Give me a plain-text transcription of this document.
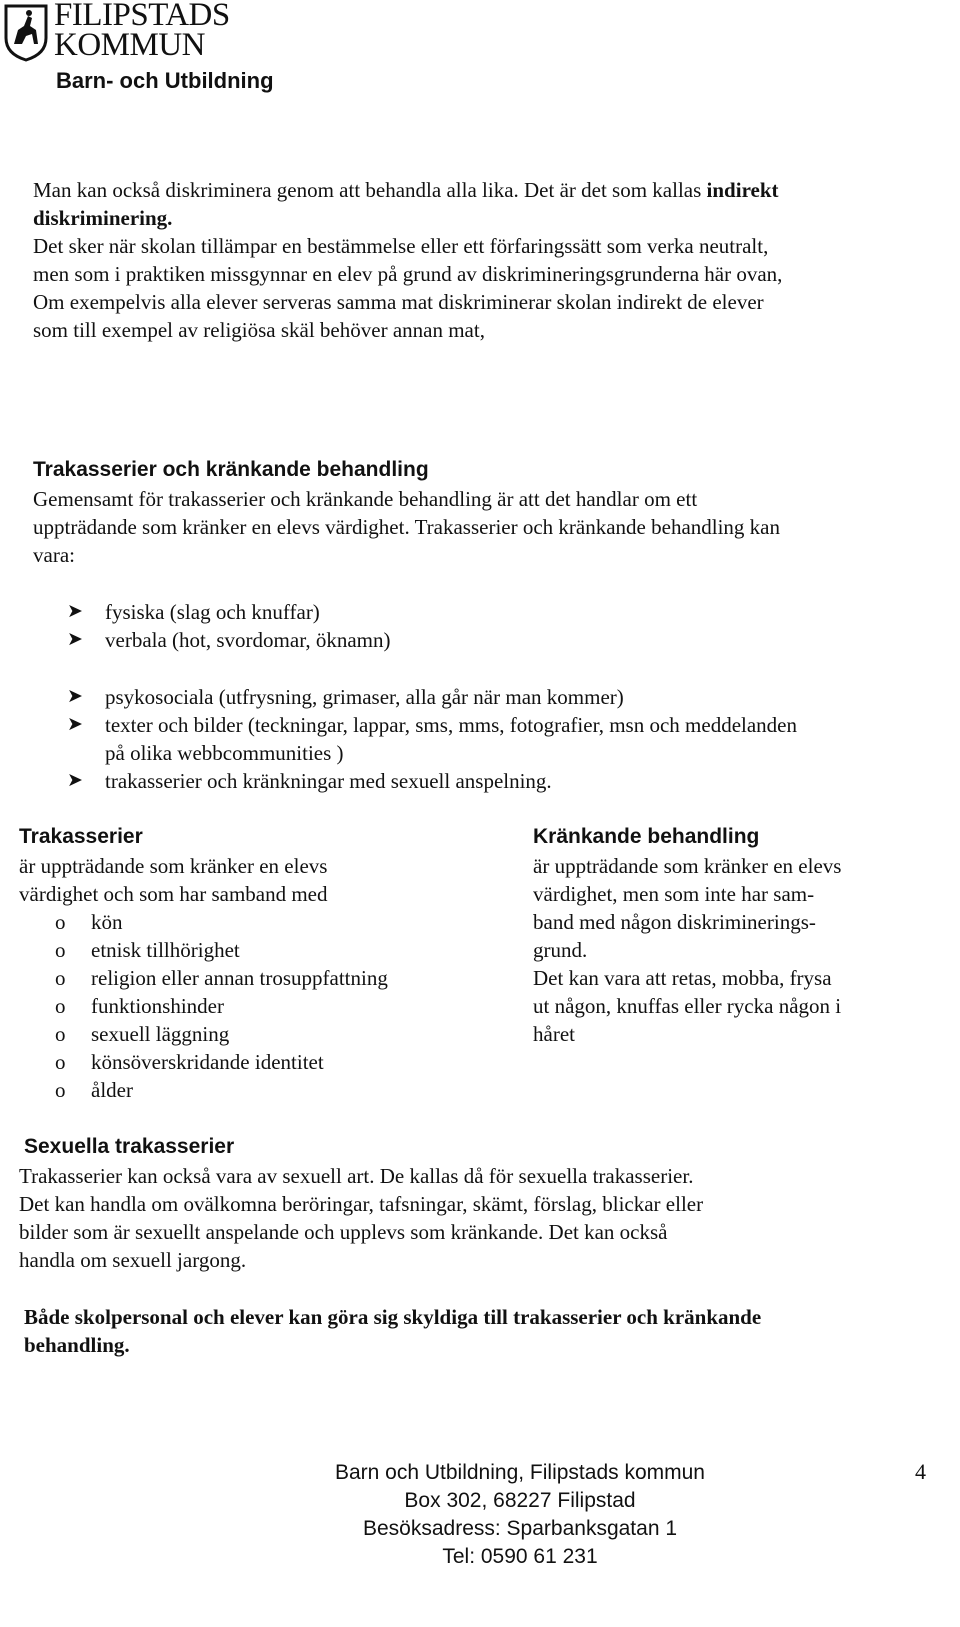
FILIPSTADS
KOMMUN
Barn- och Utbildning
Man kan också diskriminera genom att behandla alla lika. Det är det som kallas indirekt
diskriminering.
Det sker när skolan tillämpar en bestämmelse eller ett förfaringssätt som verka neutralt,
men som i praktiken missgynnar en elev på grund av diskrimineringsgrunderna här ovan,
Om exempelvis alla elever serveras samma mat diskriminerar skolan indirekt de elever
som till exempel av religiösa skäl behöver annan mat,
Trakasserier och kränkande behandling
Gemensamt för trakasserier och kränkande behandling är att det handlar om ett
uppträdande som kränker en elevs värdighet. Trakasserier och kränkande behandling kan
vara:
➤ fysiska (slag och knuffar)
➤ verbala (hot, svordomar, öknamn)
➤ psykosociala (utfrysning, grimaser, alla går när man kommer)
➤ texter och bilder (teckningar, lappar, sms, mms, fotografier, msn och meddelanden
på olika webbcommunities )
➤ trakasserier och kränkningar med sexuell anspelning.
Trakasserier
är uppträdande som kränker en elevs
värdighet och som har samband med
o kön
o etnisk tillhörighet
o religion eller annan trosuppfattning
o funktionshinder
o sexuell läggning
o könsöverskridande identitet
o ålder
Kränkande behandling
är uppträdande som kränker en elevs
värdighet, men som inte har sam-
band med någon diskriminerings-
grund.
Det kan vara att retas, mobba, frysa
ut någon, knuffas eller rycka någon i
håret
Sexuella trakasserier
Trakasserier kan också vara av sexuell art. De kallas då för sexuella trakasserier.
Det kan handla om ovälkomna beröringar, tafsningar, skämt, förslag, blickar eller
bilder som är sexuellt anspelande och upplevs som kränkande. Det kan också
handla om sexuell jargong.
Både skolpersonal och elever kan göra sig skyldiga till trakasserier och kränkande
behandling.
Barn och Utbildning, Filipstads kommun
Box 302, 68227 Filipstad
Besöksadress: Sparbanksgatan 1
Tel: 0590 61 231
4
